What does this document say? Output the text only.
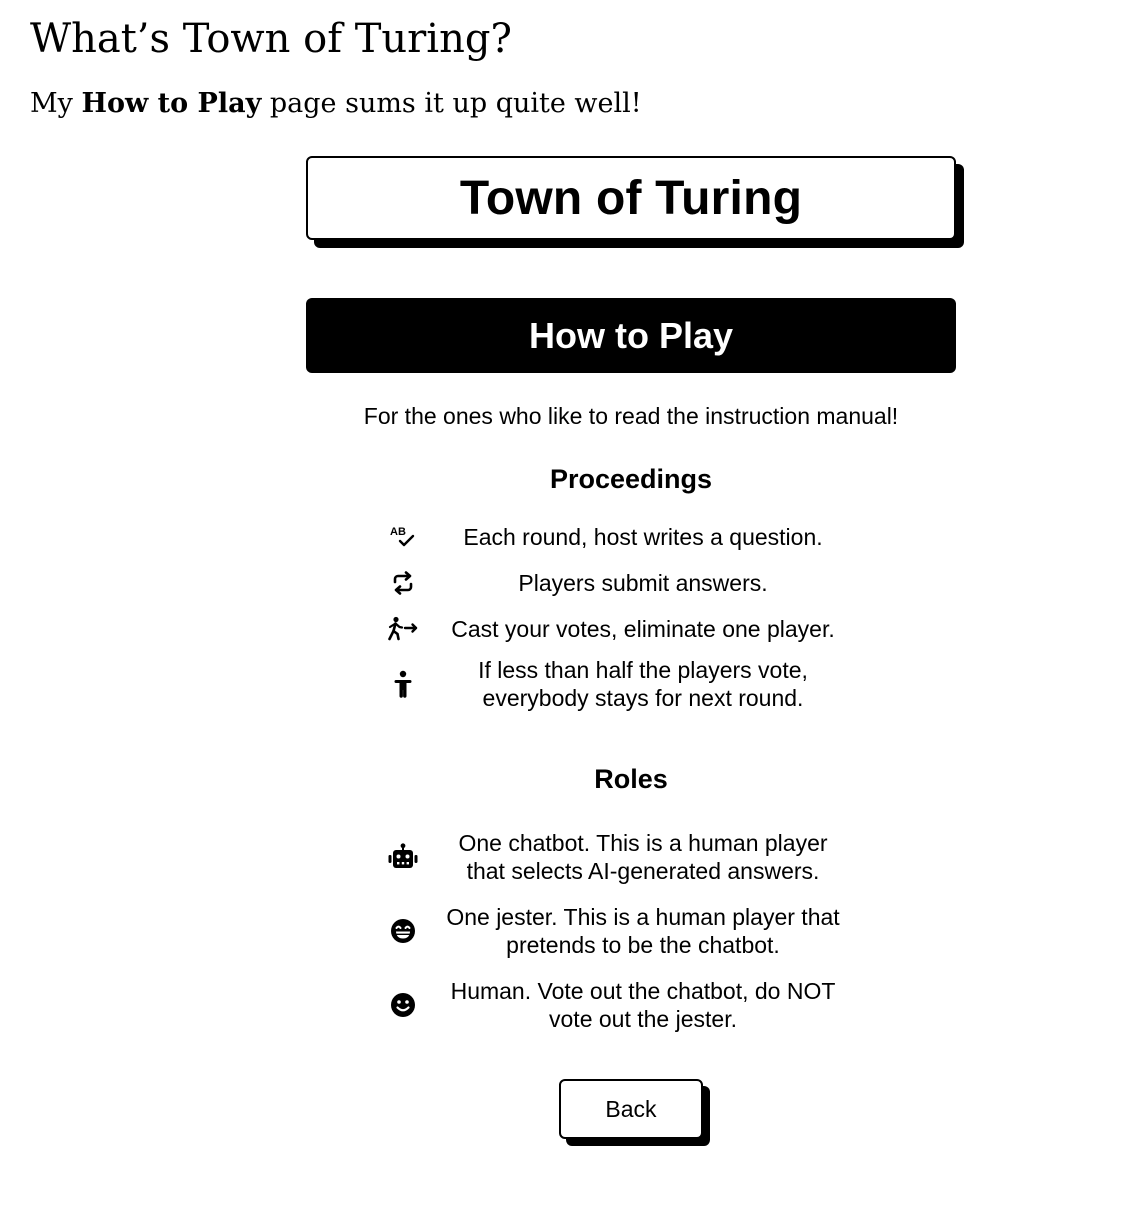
What’s Town of Turing?

My How to Play page sums it up quite well!

Town of Turing
How to Play
For the ones who like to read the instruction manual!
Proceedings
AB	Each round, host writes a question.
Players submit answers.
Cast your votes, eliminate one player.
If less than half the players vote,
everybody stays for next round.
Roles
One chatbot. This is a human player
that selects AI-generated answers.
One jester. This is a human player that
pretends to be the chatbot.
Human. Vote out the chatbot, do NOT
vote out the jester.
Back
